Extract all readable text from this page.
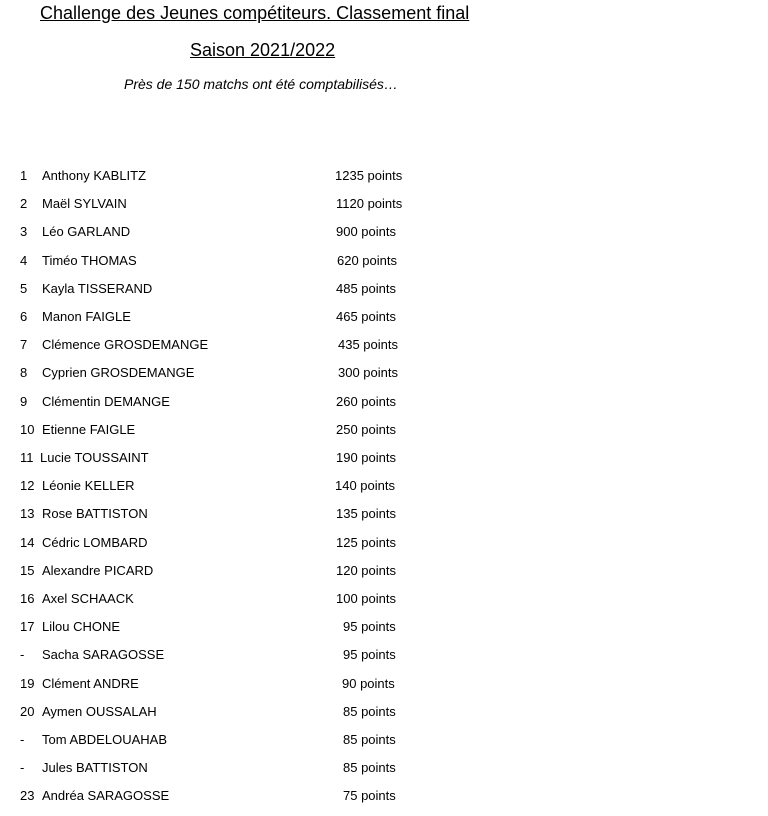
Challenge des Jeunes compétiteurs. Classement final
Saison 2021/2022
Près de 150 matchs ont été comptabilisés…
1 Anthony KABLITZ	1235 points
2 Maël SYLVAIN	1120 points
3 Léo GARLAND	900 points
4 Timéo THOMAS	620 points
5 Kayla TISSERAND	485 points
6 Manon FAIGLE	465 points
7 Clémence GROSDEMANGE	435 points
8 Cyprien GROSDEMANGE	300 points
9 Clémentin DEMANGE	260 points
10 Etienne FAIGLE	250 points
11 Lucie TOUSSAINT	190 points
12 Léonie KELLER	140 points
13 Rose BATTISTON	135 points
14 Cédric LOMBARD	125 points
15 Alexandre PICARD	120 points
16 Axel SCHAACK	100 points
17 Lilou CHONE	95 points
- Sacha SARAGOSSE	95 points
19 Clément ANDRE	90 points
20 Aymen OUSSALAH	85 points
- Tom ABDELOUAHAB	85 points
- Jules BATTISTON	85 points
23 Andréa SARAGOSSE	75 points
